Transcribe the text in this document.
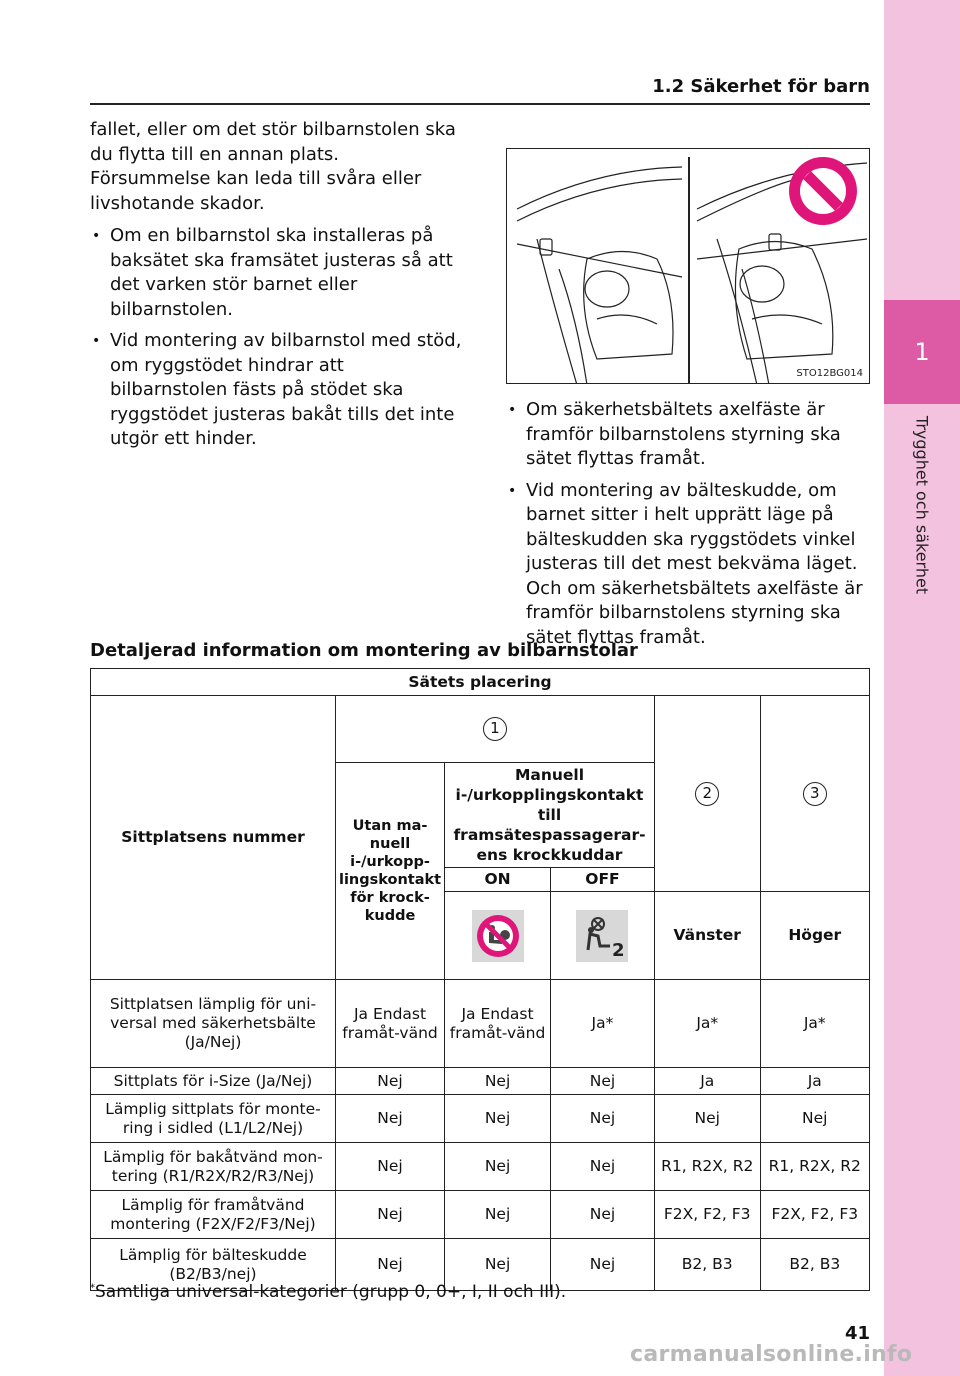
1
Trygghet och säkerhet
1.2 Säkerhet för barn

fallet, eller om det stör bilbarnstolen ska du flytta till en annan plats. Försummelse kan leda till svåra eller livshotande skador.

• Om en bilbarnstol ska installeras på baksätet ska framsätet justeras så att det varken stör barnet eller bilbarnstolen.
• Vid montering av bilbarnstol med stöd, om ryggstödet hindrar att bilbarnstolen fästs på stödet ska ryggstödet justeras bakåt tills det inte utgör ett hinder.
STO12BG014
• Om säkerhetsbältets axelfäste är framför bilbarnstolens styrning ska sätet flyttas framåt.
• Vid montering av bälteskudde, om barnet sitter i helt upprätt läge på bälteskudden ska ryggstödets vinkel justeras till det mest bekväma läget. Och om säkerhetsbältets axelfäste är framför bilbarnstolens styrning ska sätet flyttas framåt.
Detaljerad information om montering av bilbarnstolar
Sätets placering					
Sittplatsens nummer	1			2	3
	Utan ma-nuell i-/urkopp-lingskontakt för krock-kudde	Manuell i-/urkopplingskontakt till framsätespassagerar-ens krockkuddar			
		ON	OFF		

2	Vänster	Höger
Sittplatsen lämplig för uni-versal med säkerhetsbälte (Ja/Nej)	Ja Endast framåt-vänd	Ja Endast framåt-vänd	Ja*	Ja*	Ja*
Sittplats för i-Size (Ja/Nej)	Nej	Nej	Nej	Ja	Ja
Lämplig sittplats för monte-ring i sidled (L1/L2/Nej)	Nej	Nej	Nej	Nej	Nej
Lämplig för bakåtvänd mon-tering (R1/R2X/R2/R3/Nej)	Nej	Nej	Nej	R1, R2X, R2	R1, R2X, R2
Lämplig för framåtvänd montering (F2X/F2/F3/Nej)	Nej	Nej	Nej	F2X, F2, F3	F2X, F2, F3
Lämplig för bälteskudde (B2/B3/nej)	Nej	Nej	Nej	B2, B3	B2, B3
*Samtliga universal-kategorier (grupp 0, 0+, I, II och III).
41
carmanualsonline.info
